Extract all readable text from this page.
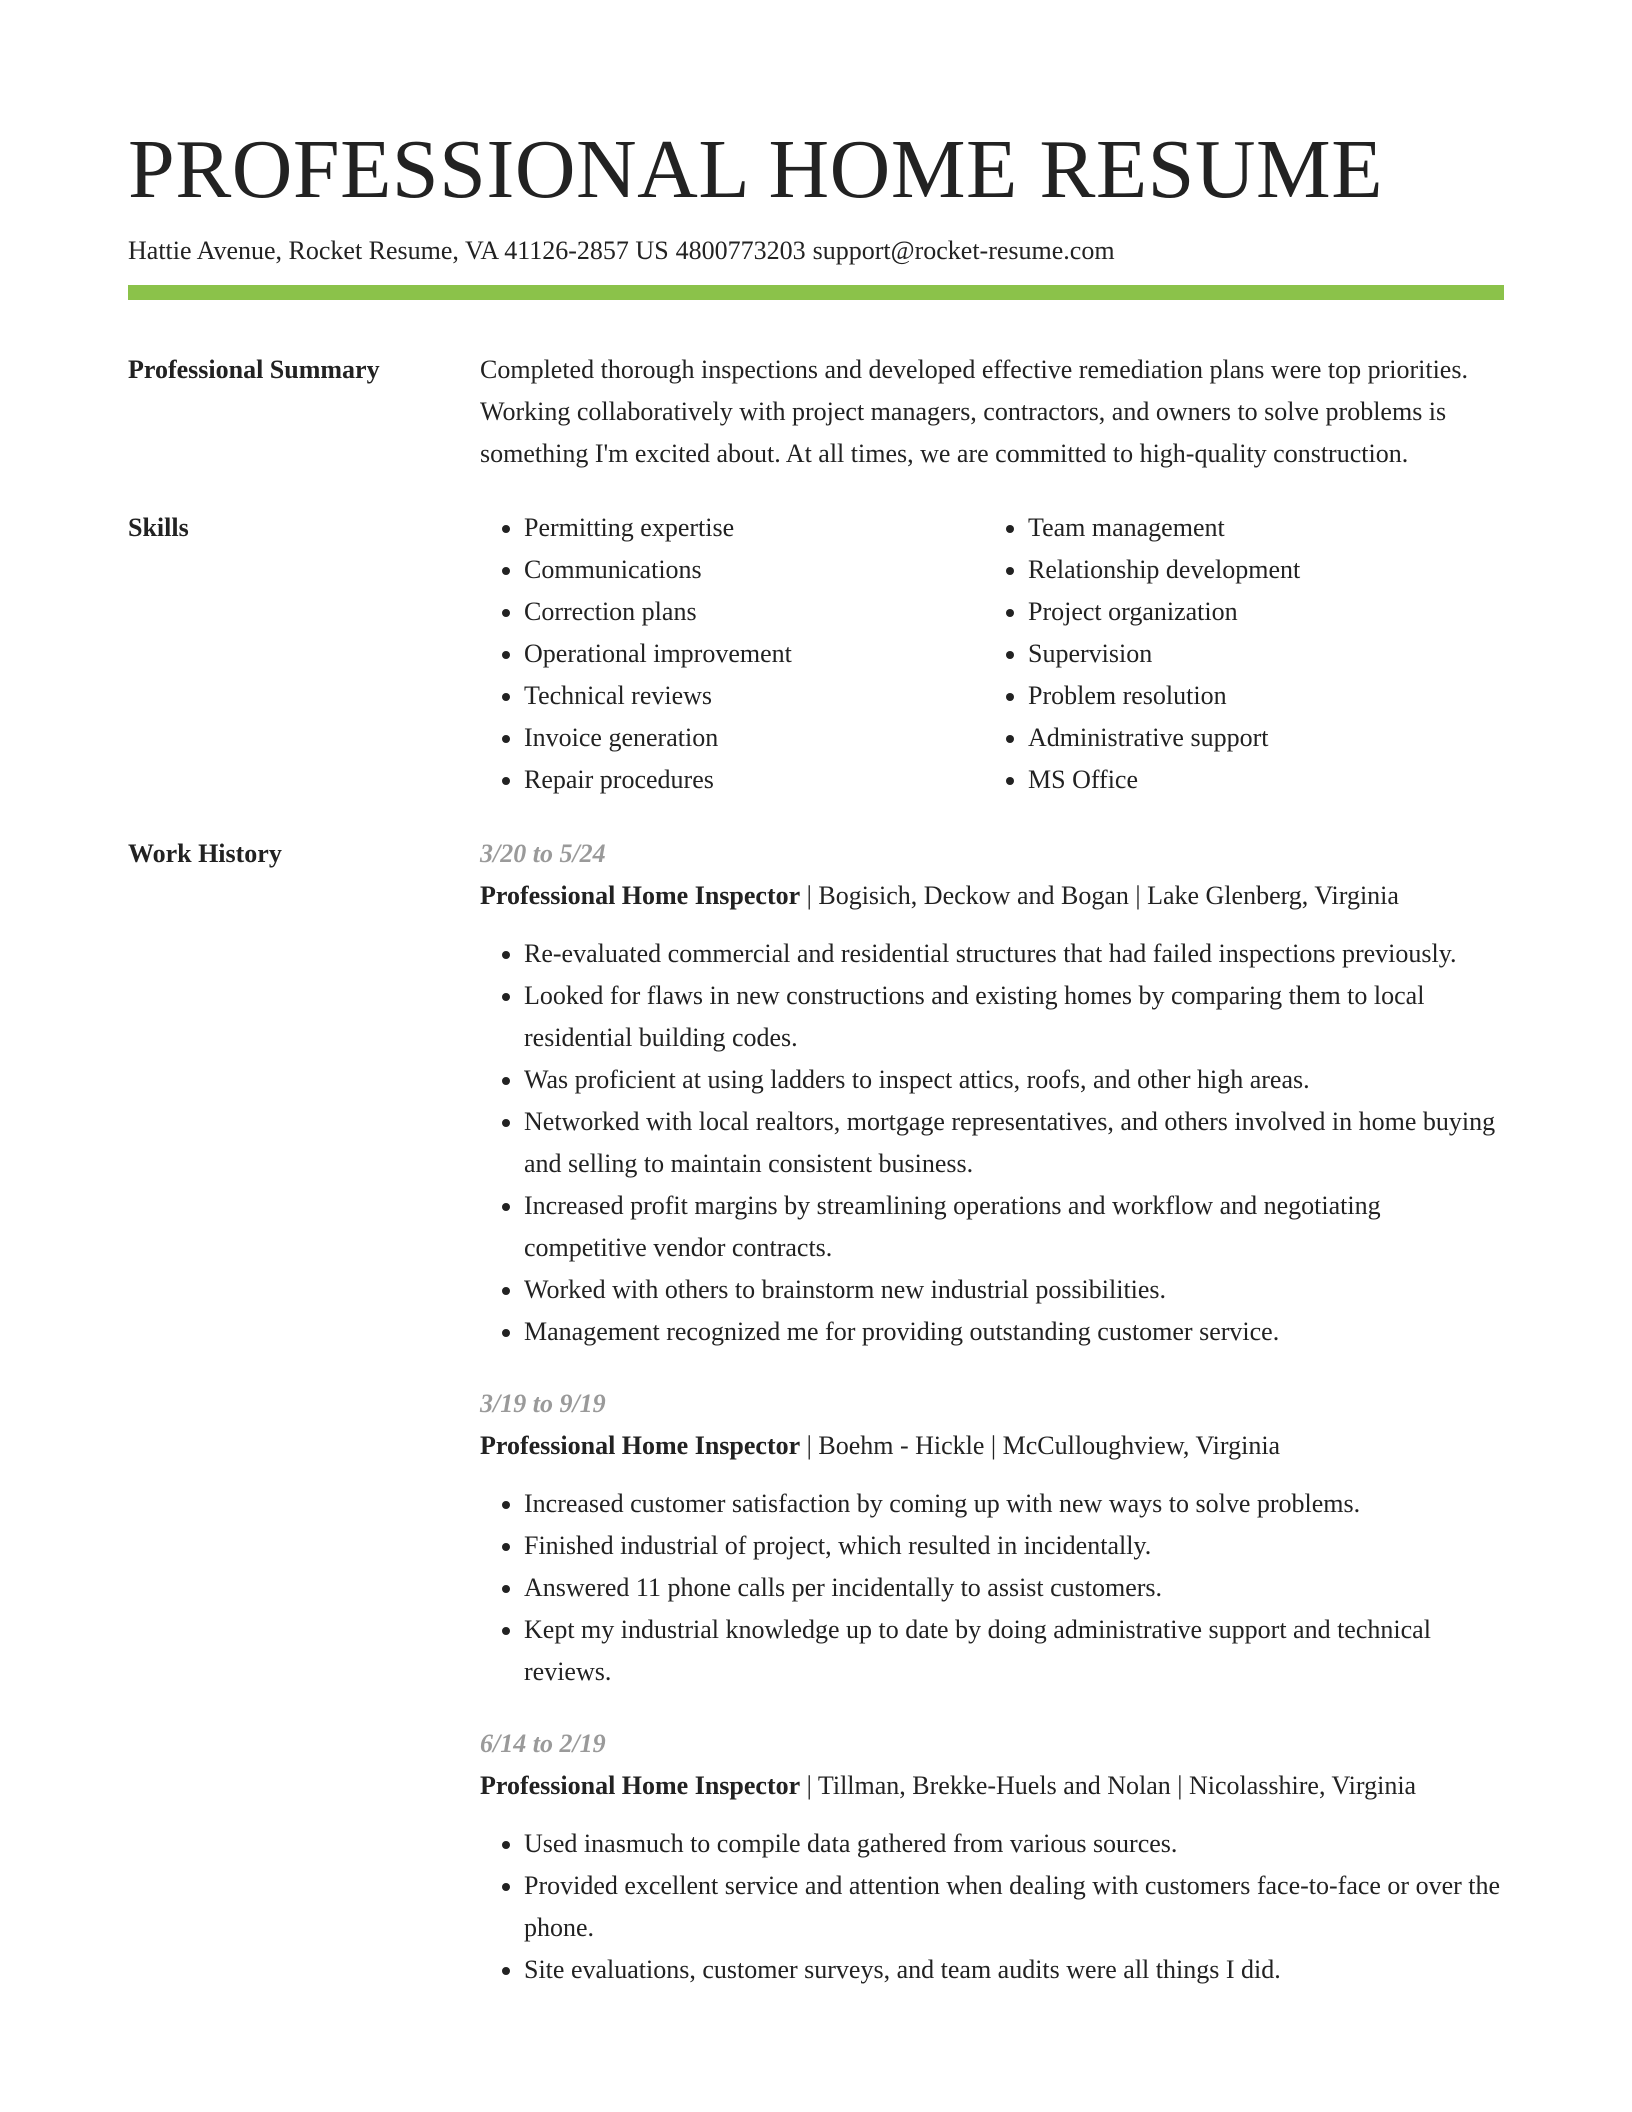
PROFESSIONAL HOME RESUME
Hattie Avenue, Rocket Resume, VA 41126-2857 US 4800773203 support@rocket-resume.com
Professional Summary	Completed thorough inspections and developed effective remediation plans were top priorities. Working collaboratively with project managers, contractors, and owners to solve problems is something I'm excited about. At all times, we are committed to high-quality construction.
Skills
•	Permitting expertise
• Communications
• Correction plans
• Operational improvement
• Technical reviews
• Invoice generation
• Repair procedures
• Team management
• Relationship development
• Project organization
• Supervision
• Problem resolution
• Administrative support
• MS Office
Work History	3/20 to 5/24
Professional Home Inspector | Bogisich, Deckow and Bogan | Lake Glenberg, Virginia
• Re-evaluated commercial and residential structures that had failed inspections previously.
• Looked for flaws in new constructions and existing homes by comparing them to local residential building codes.
• Was proficient at using ladders to inspect attics, roofs, and other high areas.
• Networked with local realtors, mortgage representatives, and others involved in home buying and selling to maintain consistent business.
• Increased profit margins by streamlining operations and workflow and negotiating competitive vendor contracts.
• Worked with others to brainstorm new industrial possibilities.
• Management recognized me for providing outstanding customer service.
3/19 to 9/19
Professional Home Inspector | Boehm - Hickle | McCulloughview, Virginia
• Increased customer satisfaction by coming up with new ways to solve problems.
• Finished industrial of project, which resulted in incidentally.
• Answered 11 phone calls per incidentally to assist customers.
• Kept my industrial knowledge up to date by doing administrative support and technical reviews.
6/14 to 2/19
Professional Home Inspector | Tillman, Brekke-Huels and Nolan | Nicolasshire, Virginia
• Used inasmuch to compile data gathered from various sources.
• Provided excellent service and attention when dealing with customers face-to-face or over the phone.
• Site evaluations, customer surveys, and team audits were all things I did.
